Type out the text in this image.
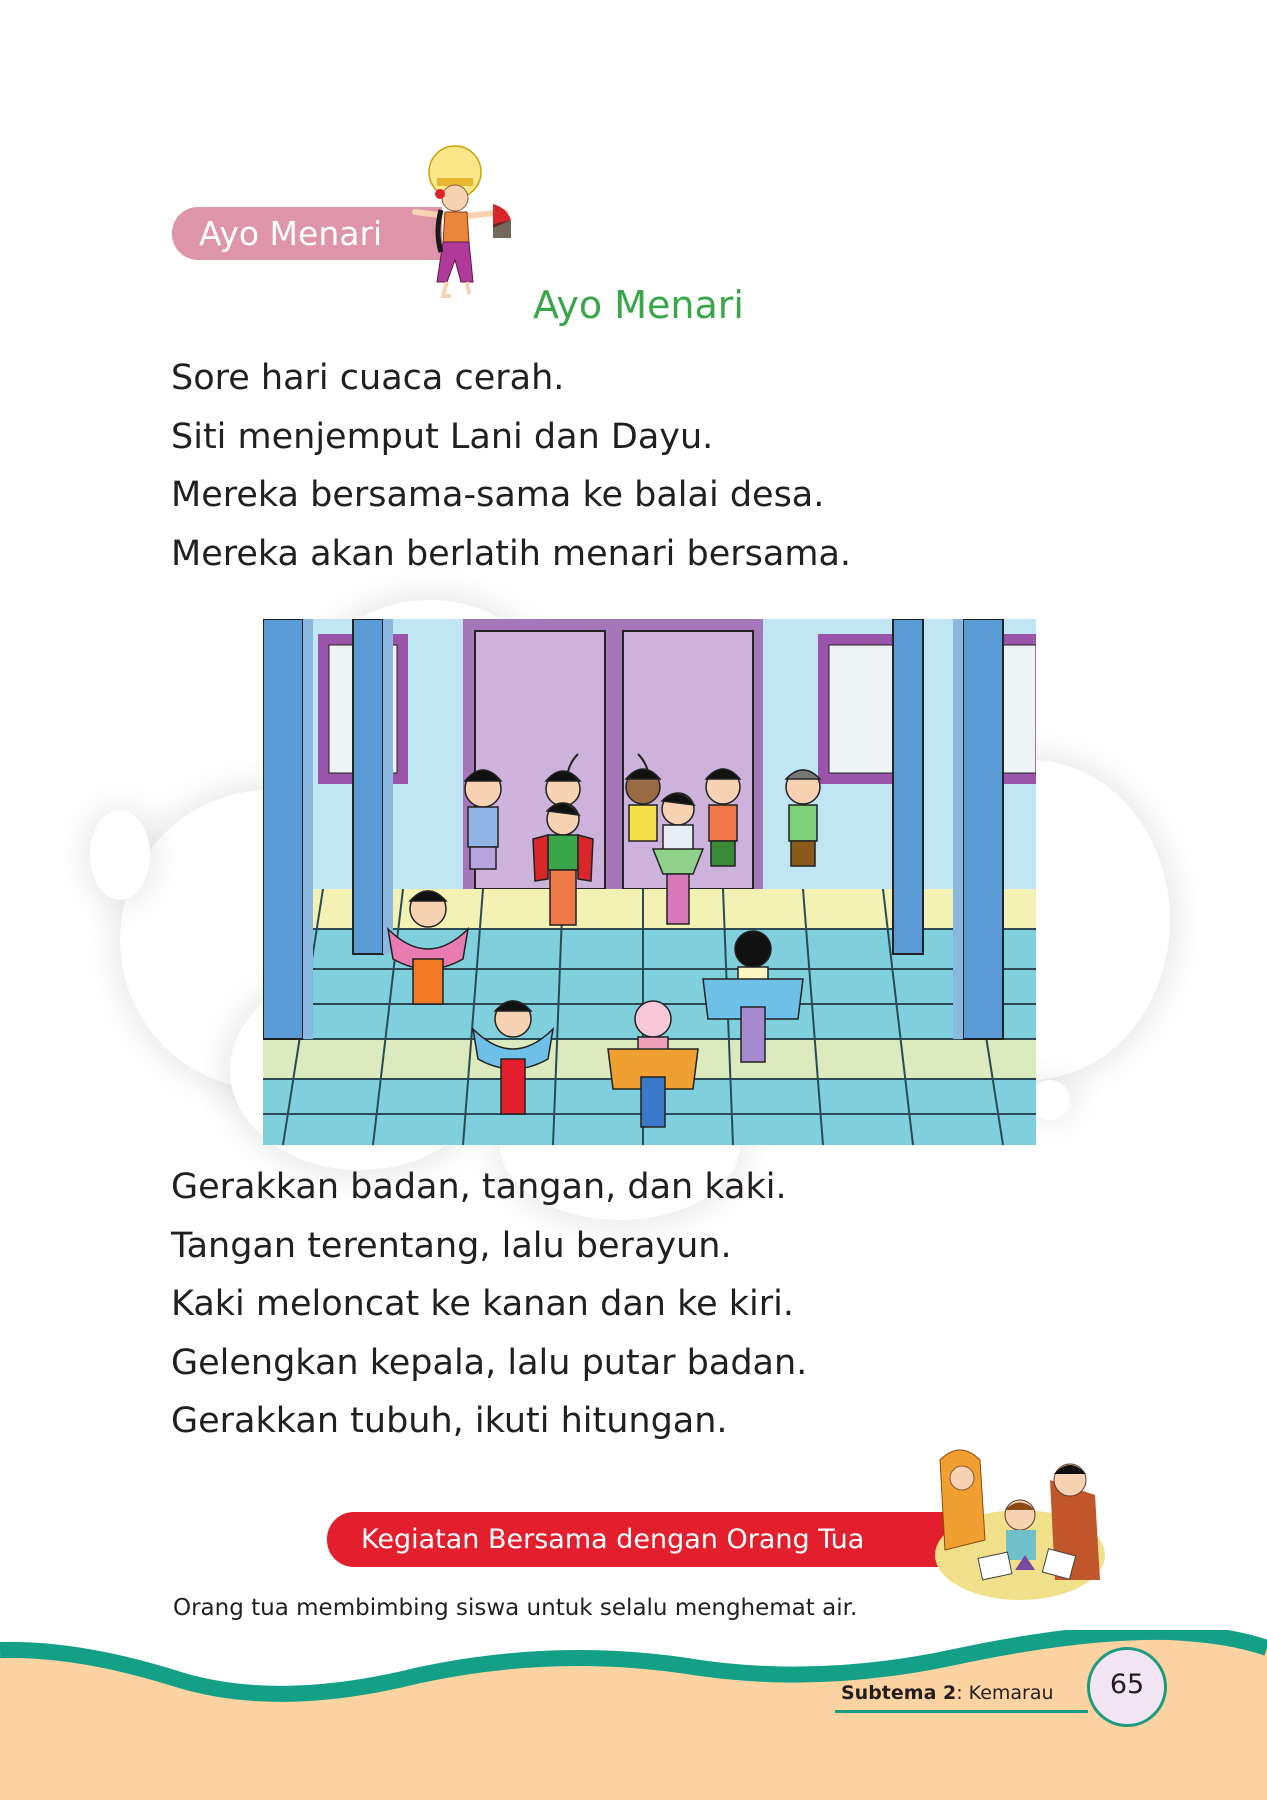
Ayo Menari
Ayo Menari
Sore hari cuaca cerah.
Siti menjemput Lani dan Dayu.
Mereka bersama-sama ke balai desa.
Mereka akan berlatih menari bersama.
Gerakkan badan, tangan, dan kaki.
Tangan terentang, lalu berayun.
Kaki meloncat ke kanan dan ke kiri.
Gelengkan kepala, lalu putar badan.
Gerakkan tubuh, ikuti hitungan.
Kegiatan Bersama dengan Orang Tua
Orang tua membimbing siswa untuk selalu menghemat air.
Subtema 2: Kemarau	65
